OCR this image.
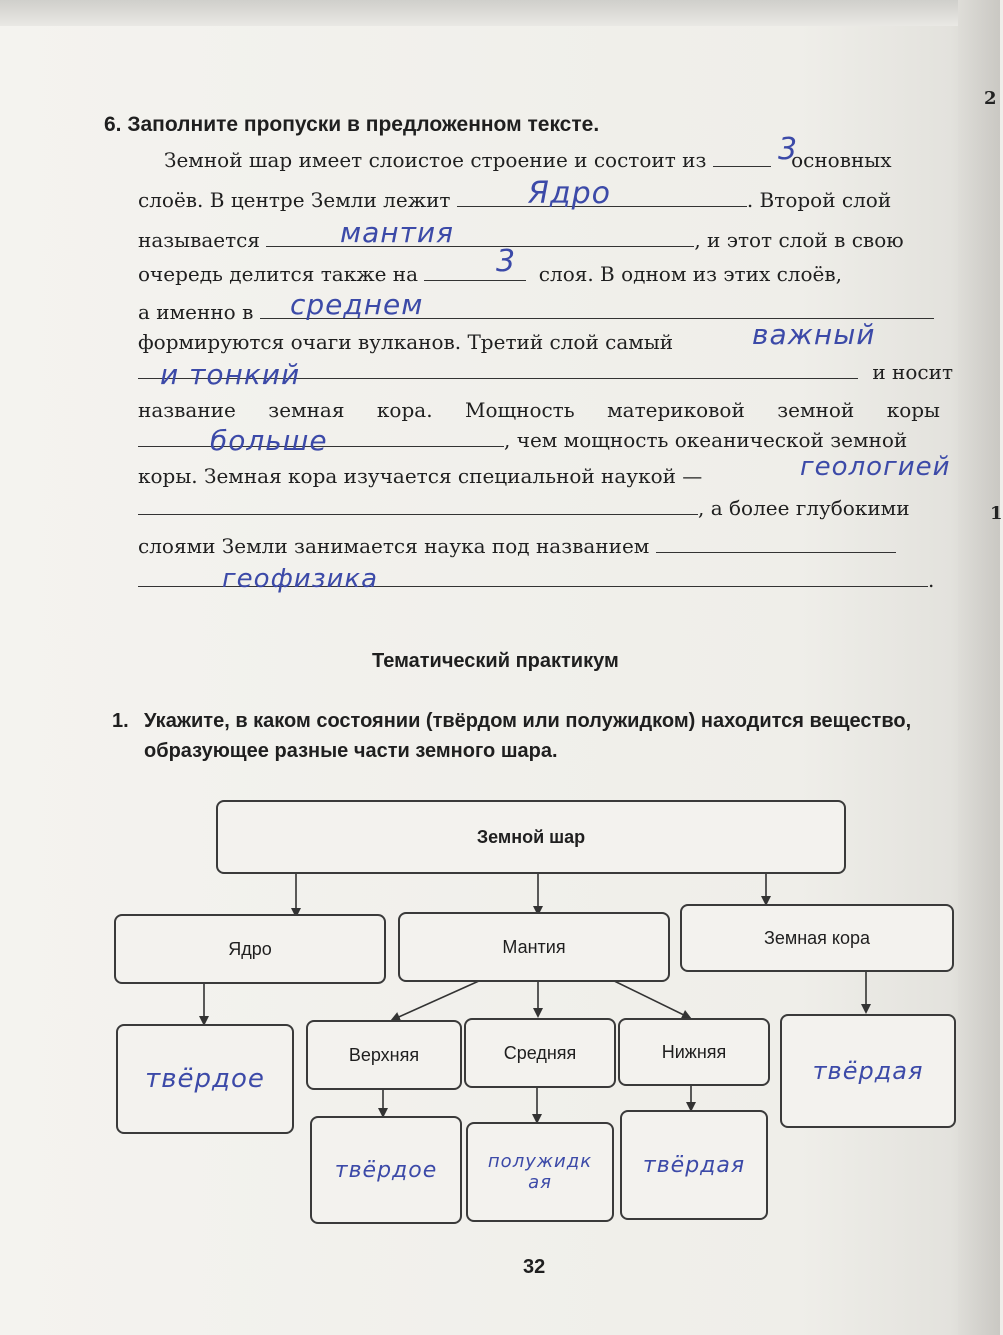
2
1
6. Заполните пропуски в предложенном тексте.
Земной шар имеет слоистое строение и состоит из	основных
3
слоёв. В центре Земли лежит	. Второй слой
Ядро
называется	, и этот слой в свою
мантия
очередь делится также на	слоя. В одном из этих слоёв,
3
а именно в	среднем
формируются очаги вулканов. Третий слой самый	важный
и носит
и тонкий
название земная кора. Мощность материковой земной коры
, чем мощность океанической земной
больше
коры. Земная кора изучается специальной наукой —	геологией
, а более глубокими
слоями Земли занимается наука под названием
.
геофизика
Тематический практикум
1. Укажите, в каком состоянии (твёрдом или полужидком) находится вещество, образующее разные части земного шара.
Земной шар
Ядро	Мантия	Земная кора
твёрдое
Верхняя	Средняя	Нижняя
твёрдая
твёрдое	полужидкая
твёрдая
32
